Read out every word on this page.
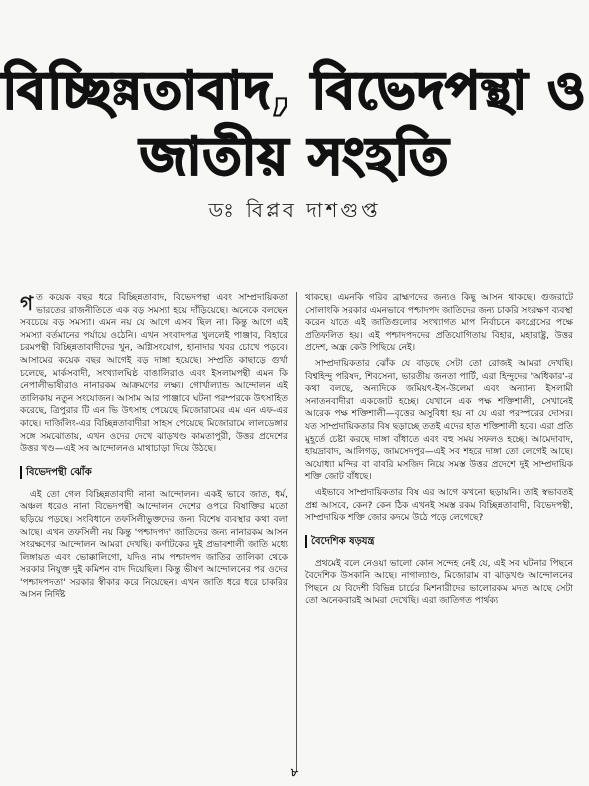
বিচ্ছিন্নতাবাদ, বিভেদপন্থা ও
জাতীয় সংহতি
ডঃ বিপ্লব দাশগুপ্ত

গত কয়েক বছর ধরে বিচ্ছিন্নতাবাদ, বিভেদপন্থা এবং সাম্প্রদায়িকতা ভারতের রাজনীতিতে এক বড় সমস্যা হয়ে দাঁড়িয়েছে। অনেকে বলছেন সবচেয়ে বড় সমস্যা। এমন নয় যে আগে এসব ছিল না। কিন্তু আগে এই সমস্যা বর্তমানের পর্যায়ে ওঠেনি। এখন সংবাদপত্র খুললেই পাঞ্জাব, বিহারে চরমপন্থী বিচ্ছিন্নতাবাদীদের খুন, অগ্নিসংযোগ, হানাদার খবর চোখে পড়বে। আসামের কয়েক বছর আগেই বড় দাঙ্গা হয়েছে। সম্প্রতি কাছাড়ে গুর্খা চলেছে, মার্কসবাদী, সংখ্যালঘিষ্ঠ বাঙালিরাও এবং ইসলামপন্থী এমন কি নেপালীভাষীরাও নানারকম আক্রমণের লক্ষ্য। গোর্খাল্যান্ড আন্দোলন এই তালিকায় নতুন সংযোজন। আসাম আর পাঞ্জাবে ঘটনা পরম্পরকে উৎসাহিত করেছে, ত্রিপুরার টি এন ভি উৎসাহ পেয়েছে মিজোরামের এম এন এফ-এর কাছে। দার্জিলিং-এর বিচ্ছিন্নতাবাদীরা সাহস পেয়েছে মিজোরামে লালডেঙ্গার সঙ্গে সমঝোতায়, এখন ওদের দেখে ঝাড়খণ্ড কামতাপুরী, উত্তর প্রদেশের উত্তর খণ্ড—এই সব আন্দোলনও মাথাচাড়া দিয়ে উঠছে।

বিভেদপন্থী ঝোঁক

এই তো গেল বিচ্ছিন্নতাবাদী নানা আন্দোলন। একই ভাবে জাত, ধর্ম, অঞ্চল ধরেও নানা বিভেদপন্থী আন্দোলন দেশের ওপরে বিষাক্তির মতো ছড়িয়ে পড়ছে। সংবিধানে তফসিলীভুক্তদের জন্য বিশেষ ব্যবস্থার কথা বলা আছে। এখন তফসিলী নয় কিন্তু 'পশ্চাদপদ' জাতিদের জন্য নানারকম আসন সংরক্ষণের আন্দোলন আমরা দেখছি। কর্ণাটকের দুই প্রভাবশালী জাতি মধ্যে লিঙ্গায়ত এবং ভোক্কালিগো, যদিও নাম পশ্চাদপদ জাতির তালিকা থেকে সরকার নিযুক্ত দুই কমিশন বাদ দিয়েছিল। কিন্তু ভীষণ আন্দোলনের পর ওদের 'পশ্চাদপদতা' সরকার স্বীকার করে নিয়েছেন। এখন জাতি ধরে ধরে চাকরির আসন নির্দিষ্ট

থাকছে। এমনকি গরিব ব্রাহ্মণদের জন্যও কিছু আসন থাকছে। গুজরাটে সোলাংকি সরকার এমনভাবে পশ্চাদপদ জাতিদের জন্য চাকরি সংরক্ষণ ব্যবস্থা করেন যাতে এই জাতিগুলোর সংখ্যাগত মাপ নির্বাচনে কংগ্রেসের পক্ষে প্রতিফলিত হয়। এই পশ্চাদপদদের প্রতিযোগিতায় বিহার, মহারাষ্ট্র, উত্তর প্রদেশ, অন্ধ্র কেউ পিছিয়ে নেই।

সাম্প্রদায়িকতার ঝোঁক যে বাড়ছে সেটা তো রোজই আমরা দেখছি। বিশ্বহিন্দু পরিষদ, শিবসেনা, ভারতীয় জনতা পার্টি, এরা হিন্দুদের 'অধিকার'-র কথা বলছে, অন্যদিকে জমিয়ৎ-ইস-উলেমা এবং অন্যান্য ইসলামী সনাতনবাদীরা একজোট হচ্ছে। যেখানে এক পক্ষ শক্তিশালী, সেখানেই আরেক পক্ষ শক্তিশালী—বৃত্তের অসুবিধা হয় না যে এরা পরস্পরের দোসর। যত সাম্প্রদায়িকতার বিষ ছড়াচ্ছে ততই এদের হাত শক্তিশালী হবে। এরা প্রতি মুহূর্তে চেষ্টা করছে দাঙ্গা বাঁধাতে এবং বহু সময় সফলও হচ্ছে। আমেদাবাদ, হায়দ্রাবাদ, আলিগড়, জামসেদপুর—এই সব শহরে দাঙ্গা তো লেগেই আছে। অযোধ্যা মন্দির বা বাবরি মসজিদ নিয়ে সমস্ত উত্তর প্রদেশে দুই সাম্প্রদায়িক শক্তি জোট বাঁধছে।

এইভাবে সাম্প্রদায়িকতার বিষ এর আগে কখনো ছড়ায়নি। তাই স্বভাবতই প্রশ্ন আসবে, কেন? কেন ঠিক এখনই সমস্ত রকম বিচ্ছিন্নতাবাদী, বিভেদপন্থী, সাম্প্রদায়িক শক্তি জোর কদমে উঠে পড়ে লেগেছে?

বৈদেশিক ষড়যন্ত্র

প্রথমেই বলে নেওয়া ভালো কোন সন্দেহ নেই যে, এই সব ঘটনার পিছনে বৈদেশিক উসকানি আছে। নাগাল্যাণ্ড, মিজোরাম বা ঝাড়খণ্ড আন্দোলনের পিছনে যে বিদেশী বিভিন্ন চার্চের মিশনারীদের ভালোরকম মদত আছে সেটা তো অনেকবারই আমরা দেখেছি। এরা জাতিগত পার্থক্য

৮
